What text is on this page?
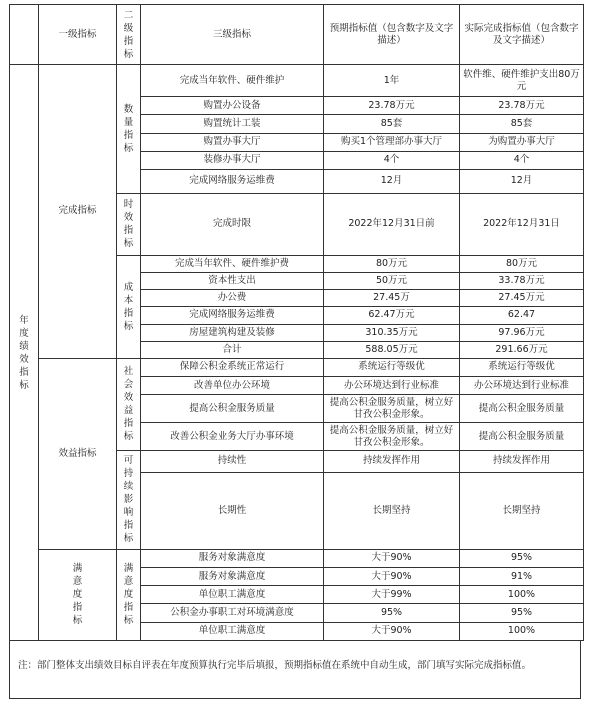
	一级指标	二级指标	三级指标	预期指标值（包含数字及文字描述）	实际完成指标值（包含数字及文字描述）
年度绩效指标	完成指标	数量指标	完成当年软件、硬件维护	1年	软件维、硬件维护支出80万元
			购置办公设备	23.78万元	23.78万元
			购置统计工装	85套	85套
			购置办事大厅	购买1个管理部办事大厅	为购置办事大厅
			装修办事大厅	4个	4个
			完成网络服务运维费	12月	12月
		时效指标	完成时限	2022年12月31日前	2022年12月31日
		成本指标	完成当年软件、硬件维护费	80万元	80万元
			资本性支出	50万元	33.78万元
			办公费	27.45万	27.45万元
			完成网络服务运维费	62.47万元	62.47
			房屋建筑构建及装修	310.35万元	97.96万元
			合计	588.05万元	291.66万元
	效益指标	社会效益指标	保障公积金系统正常运行	系统运行等级优	系统运行等级优
			改善单位办公环境	办公环境达到行业标准	办公环境达到行业标准
			提高公积金服务质量	提高公积金服务质量，树立好甘孜公积金形象。	提高公积金服务质量
			改善公积金业务大厅办事环境	提高公积金服务质量，树立好甘孜公积金形象。	提高公积金服务质量
		可持续影响指标	持续性	持续发挥作用	持续发挥作用
			长期性	长期坚持	长期坚持
	满意度指标	满意度指标	服务对象满意度	大于90%	95%
			服务对象满意度	大于90%	91%
			单位职工满意度	大于99%	100%
			公积金办事职工对环境满意度	95%	95%
			单位职工满意度	大于90%	100%
注：部门整体支出绩效目标自评表在年度预算执行完毕后填报，预期指标值在系统中自动生成，部门填写实际完成指标值。
